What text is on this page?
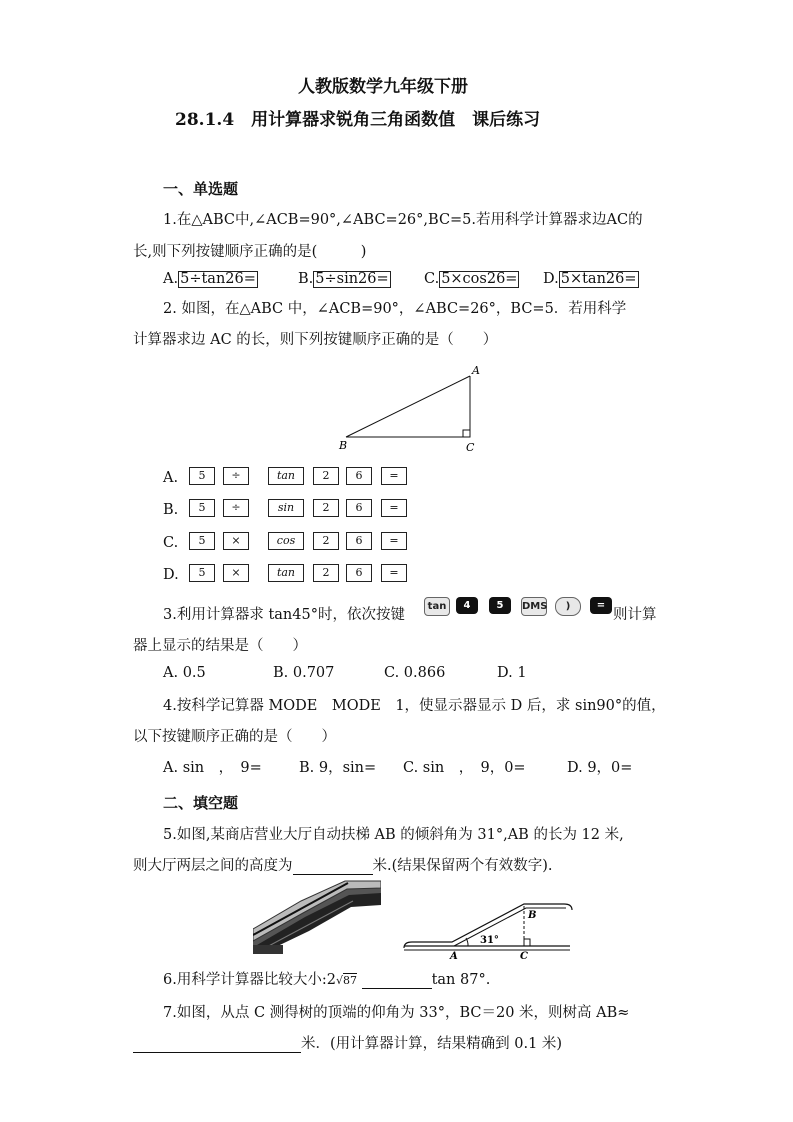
人教版数学九年级下册
28.1.4　用计算器求锐角三角函数值　课后练习
一、单选题
1.在△ABC中,∠ACB=90°,∠ABC=26°,BC=5.若用科学计算器求边AC的
长,则下列按键顺序正确的是(　　　)
A. 5÷tan26=	B. 5÷sin26= C. 5×cos26= D. 5×tan26=
2. 如图，在△ABC 中，∠ACB=90°，∠ABC=26°，BC=5．若用科学
计算器求边 AC 的长，则下列按键顺序正确的是（　　）
A
B	C
A.	5	÷	tan	2	6	=
B.	5	÷	sin	2	6	=
C.	5	×	cos	2	6	=
D.	5	×	tan	2	6	=
3.利用计算器求 tan45°时，依次按键
tan	4	5	DMS	)	=
则计算
器上显示的结果是（　　）
A. 0.5	B. 0.707	C. 0.866	D. 1
4.按科学记算器 MODE　MODE　1，使显示器显示 D 后，求 sin90°的值，
以下按键顺序正确的是（　　）
A. sin　，　9=	B. 9，sin= C. sin　，　9，0=	D. 9，0=
二、填空题
5.如图,某商店营业大厅自动扶梯 AB 的倾斜角为 31°,AB 的长为 12 米,
则大厅两层之间的高度为	米.(结果保留两个有效数字).
31°
A
B
C
6.用科学计算器比较大小:2√87	tan 87°.
7.如图，从点 C 测得树的顶端的仰角为 33°，BC＝20 米，则树高 AB≈
米．(用计算器计算，结果精确到 0.1 米)
